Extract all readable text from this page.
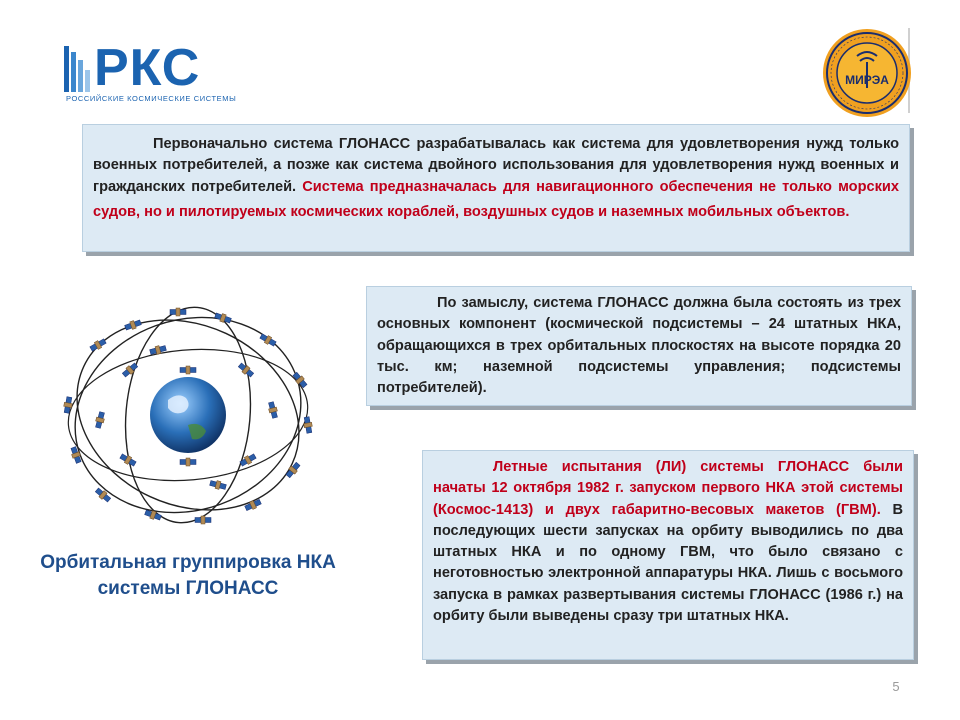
РКС
РОССИЙСКИЕ КОСМИЧЕСКИЕ СИСТЕМЫ
МИРЭА
Первоначально система ГЛОНАСС разрабатывалась как система для удовлетворения нужд только военных потребителей, а позже как система двойного использования для удовлетворения нужд военных и гражданских потребителей. Система предназначалась для навигационного обеспечения не только морских судов, но и пилотируемых космических кораблей, воздушных судов и наземных мобильных объектов.
По замыслу, система ГЛОНАСС должна была состоять из трех основных компонент (космической подсистемы – 24 штатных НКА, обращающихся в трех орбитальных плоскостях на высоте порядка 20 тыс. км; наземной подсистемы управления; подсистемы потребителей).
Летные испытания (ЛИ) системы ГЛОНАСС были начаты 12 октября 1982 г. запуском первого НКА этой системы (Космос-1413) и двух габаритно-весовых макетов (ГВМ). В последующих шести запусках на орбиту выводились по два штатных НКА и по одному ГВМ, что было связано с неготовностью электронной аппаратуры НКА. Лишь с восьмого запуска в рамках развертывания системы ГЛОНАСС (1986 г.) на орбиту были выведены сразу три штатных НКА.
Орбитальная группировка НКА
системы ГЛОНАСС
5
